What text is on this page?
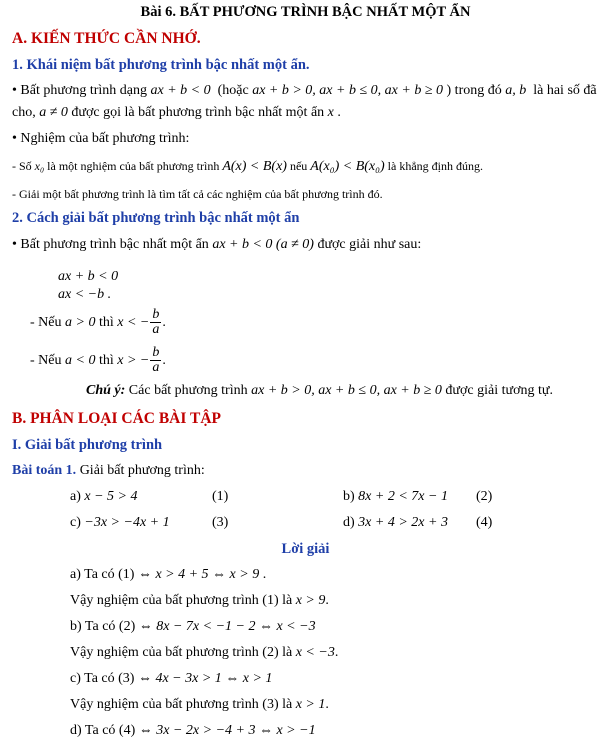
Bài 6. BẤT PHƯƠNG TRÌNH BẬC NHẤT MỘT ẨN
A. KIẾN THỨC CẦN NHỚ.
1. Khái niệm bất phương trình bậc nhất một ẩn.
• Bất phương trình dạng ax + b < 0 (hoặc ax + b > 0, ax + b ≤ 0, ax + b ≥ 0 ) trong đó a, b là hai số đã
cho, a ≠ 0 được gọi là bất phương trình bậc nhất một ẩn x .
• Nghiệm của bất phương trình:
- Số x₀ là một nghiệm của bất phương trình A(x) < B(x) nếu A(x₀) < B(x₀) là khẳng định đúng.
- Giải một bất phương trình là tìm tất cả các nghiệm của bất phương trình đó.
2. Cách giải bất phương trình bậc nhất một ẩn
• Bất phương trình bậc nhất một ẩn ax + b < 0 (a ≠ 0) được giải như sau:
ax + b < 0
ax < −b .
- Nếu a > 0 thì x < − $\frac{b}{a}$ .
- Nếu a < 0 thì x > − $\frac{b}{a}$ .
Chú ý: Các bất phương trình ax + b > 0, ax + b ≤ 0, ax + b ≥ 0 được giải tương tự.
B. PHÂN LOẠI CÁC BÀI TẬP
I. Giải bất phương trình
Bài toán 1. Giải bất phương trình:
a) x − 5 > 4	(1)	b) 8x + 2 < 7x − 1 (2)
c) −3x > −4x + 1	(3)	d) 3x + 4 > 2x + 3 (4)
Lời giải
a) Ta có (1) ⇔ x > 4 + 5 ⇔ x > 9 .
Vậy nghiệm của bất phương trình (1) là x > 9.
b) Ta có (2) ⇔ 8x − 7x < −1 − 2 ⇔ x < −3
Vậy nghiệm của bất phương trình (2) là x < −3.
c) Ta có (3) ⇔ 4x − 3x > 1 ⇔ x > 1
Vậy nghiệm của bất phương trình (3) là x > 1.
d) Ta có (4) ⇔ 3x − 2x > −4 + 3 ⇔ x > −1
